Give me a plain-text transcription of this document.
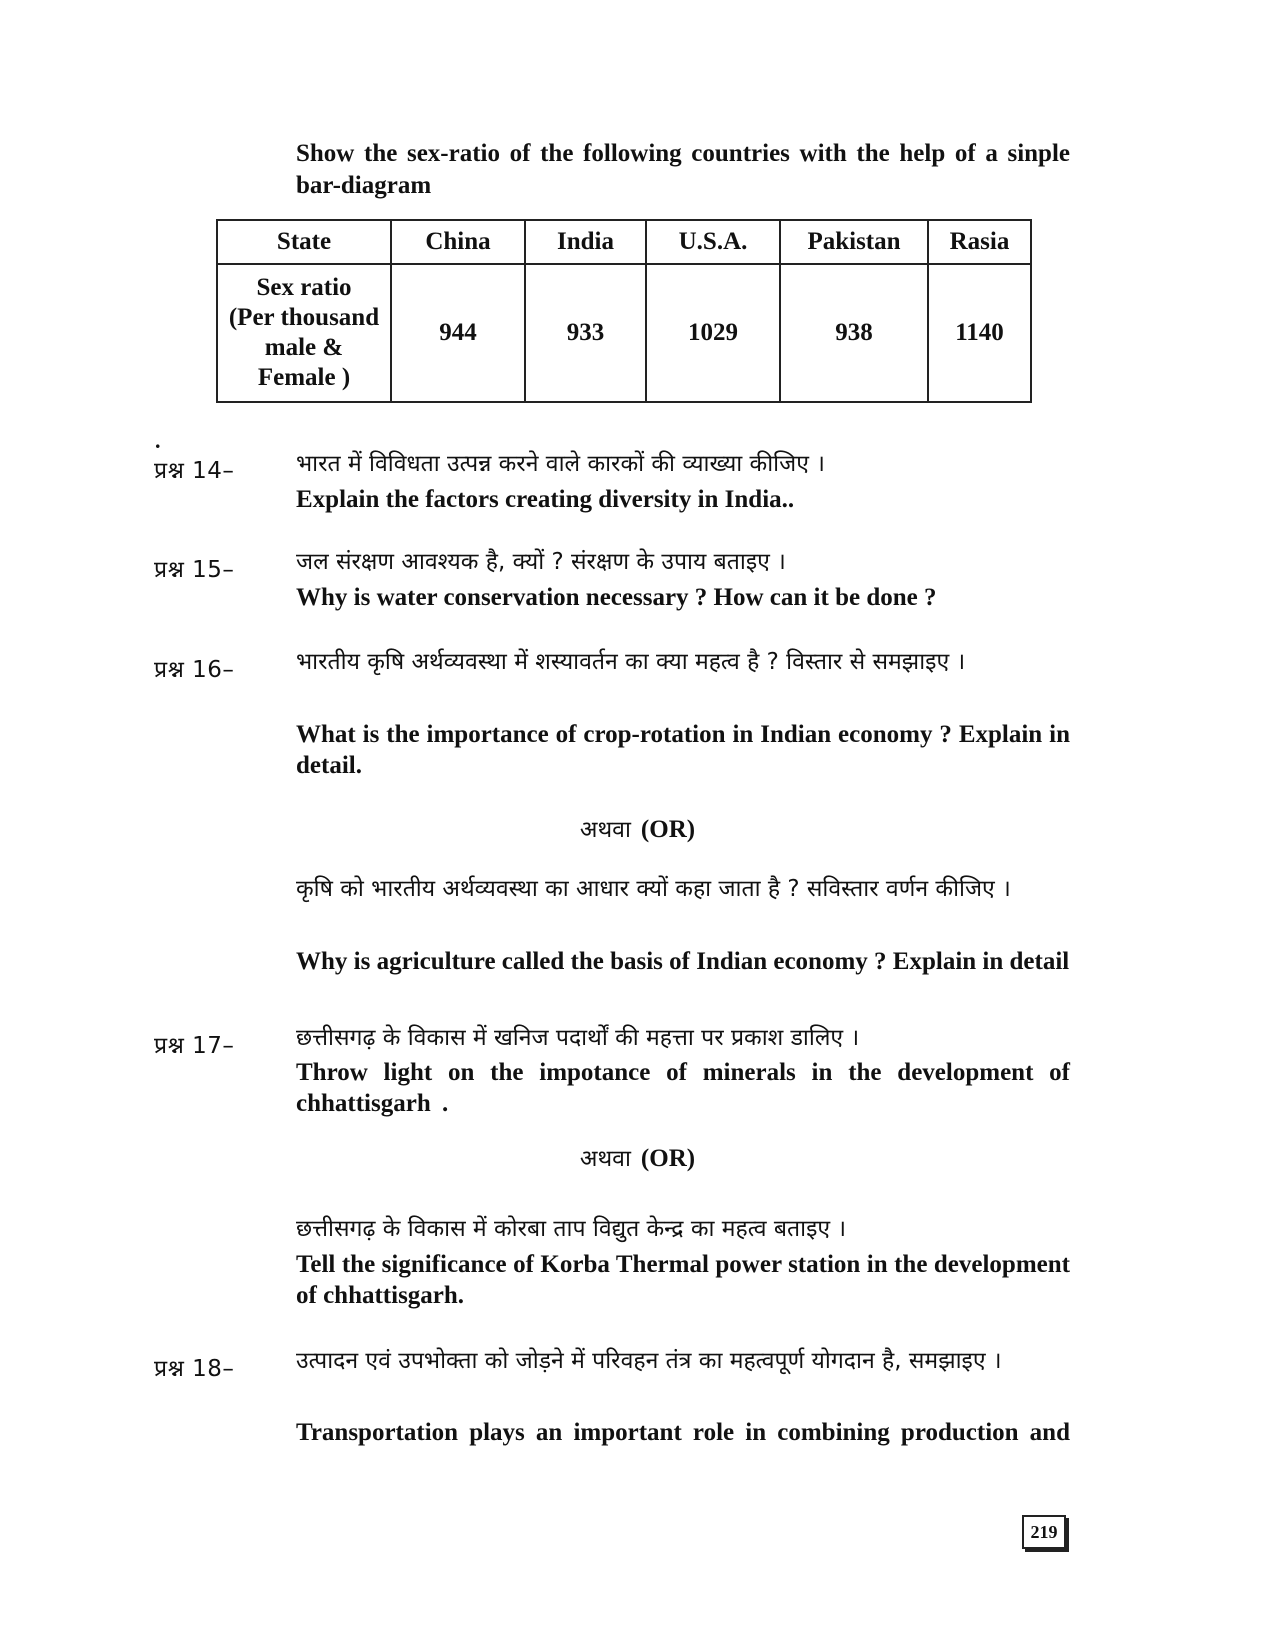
Show the sex-ratio of the following countries with the help of a sinple bar-diagram
State	China	India	U.S.A.	Pakistan	Rasia

Sex ratio
(Per thousand
male &
Female )	944	933	1029	938	1140
.
प्रश्न 14–	भारत में विविधता उत्पन्न करने वाले कारकों की व्याख्या कीजिए ।
Explain the factors creating diversity in India..
प्रश्न 15–	जल संरक्षण आवश्यक है, क्यों ? संरक्षण के उपाय बताइए ।
Why is water conservation necessary ? How can it be done ?
प्रश्न 16–	भारतीय कृषि अर्थव्यवस्था में शस्यावर्तन का क्या महत्व है ? विस्तार से समझाइए ।
What is the importance of crop-rotation in Indian economy ? Explain in detail.
अथवा (OR)
कृषि को भारतीय अर्थव्यवस्था का आधार क्यों कहा जाता है ? सविस्तार वर्णन कीजिए ।
Why is agriculture called the basis of Indian economy ? Explain in detail
प्रश्न 17–	छत्तीसगढ़ के विकास में खनिज पदार्थों की महत्ता पर प्रकाश डालिए ।
Throw light on the impotance of minerals in the development of chhattisgarh .
अथवा (OR)
छत्तीसगढ़ के विकास में कोरबा ताप विद्युत केन्द्र का महत्व बताइए ।
Tell the significance of Korba Thermal power station in the development of chhattisgarh.
प्रश्न 18–	उत्पादन एवं उपभोक्ता को जोड़ने में परिवहन तंत्र का महत्वपूर्ण योगदान है, समझाइए ।
Transportation plays an important role in combining production and
219
